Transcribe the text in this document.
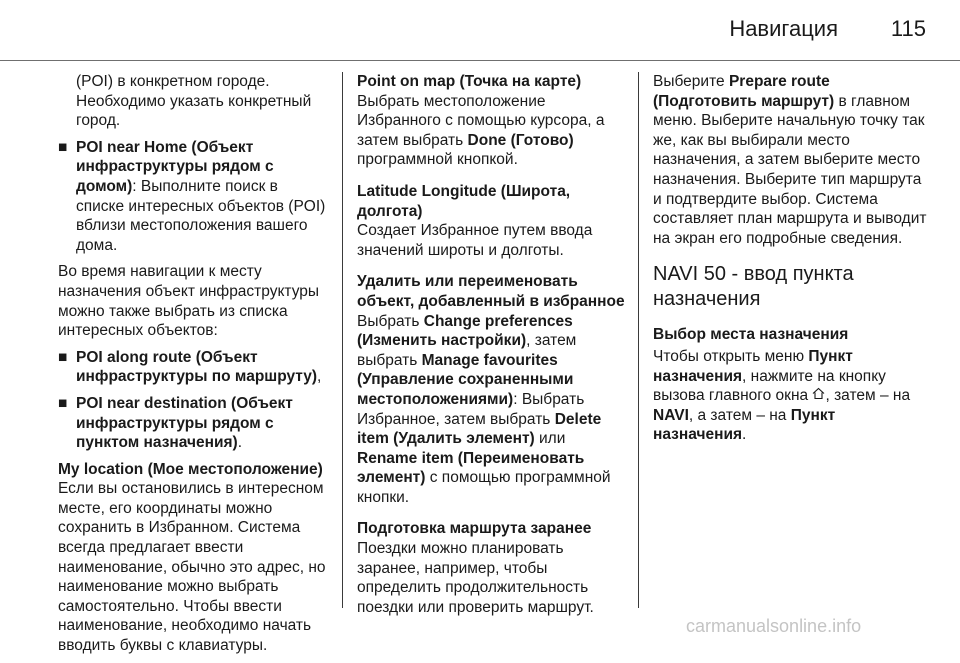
Навигация 115

(POI) в конкретном городе. Необходимо указать конкретный город.

■ POI near Home (Объект инфраструктуры рядом с домом): Выполните поиск в списке интересных объектов (POI) вблизи местоположения вашего дома.

Во время навигации к месту назначения объект инфраструктуры можно также выбрать из списка интересных объектов:

■ POI along route (Объект инфраструктуры по маршруту),
■ POI near destination (Объект инфраструктуры рядом с пунктом назначения).
My location (Мое местоположение)
Если вы остановились в интересном месте, его координаты можно сохранить в Избранном. Система всегда предлагает ввести наименование, обычно это адрес, но наименование можно выбрать самостоятельно. Чтобы ввести наименование, необходимо начать вводить буквы с клавиатуры.
Point on map (Точка на карте)
Выбрать местоположение Избранного с помощью курсора, а затем выбрать Done (Готово) программной кнопкой.
Latitude Longitude (Широта, долгота)
Создает Избранное путем ввода значений широты и долготы.
Удалить или переименовать объект, добавленный в избранное
Выбрать Change preferences (Изменить настройки), затем выбрать Manage favourites (Управление сохраненными местоположениями): Выбрать Избранное, затем выбрать Delete item (Удалить элемент) или Rename item (Переименовать элемент) с помощью программной кнопки.
Подготовка маршрута заранее
Поездки можно планировать заранее, например, чтобы определить продолжительность поездки или проверить маршрут.

Выберите Prepare route (Подготовить маршрут) в главном меню. Выберите начальную точку так же, как вы выбирали место назначения, а затем выберите место назначения. Выберите тип маршрута и подтвердите выбор. Система составляет план маршрута и выводит на экран его подробные сведения.

NAVI 50 - ввод пункта назначения
Выбор места назначения

Чтобы открыть меню Пункт назначения, нажмите на кнопку вызова главного окна , затем – на NAVI, а затем – на Пункт назначения.

carmanualsonline.info
